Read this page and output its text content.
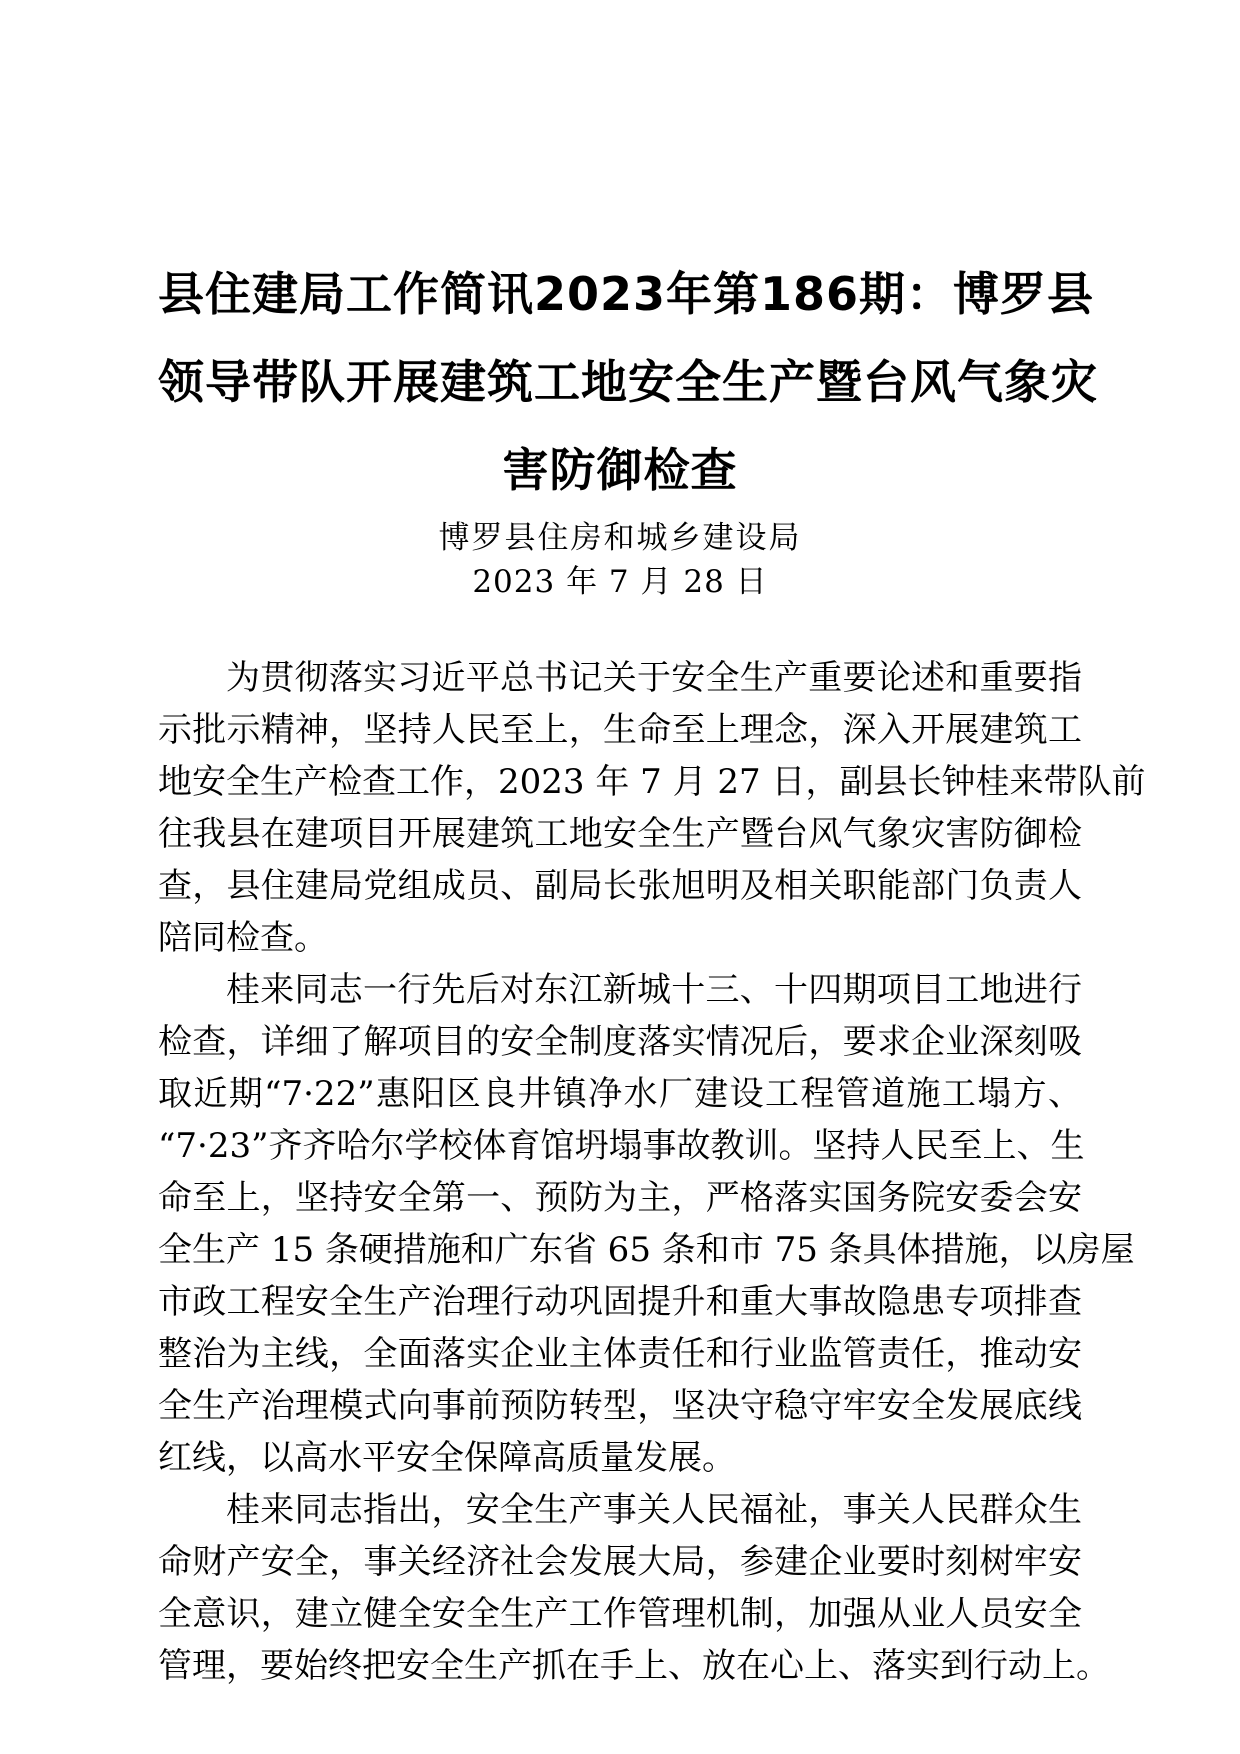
县住建局工作简讯2023年第186期：博罗县
领导带队开展建筑工地安全生产暨台风气象灾
害防御检查
博罗县住房和城乡建设局
2023 年 7 月 28 日
为贯彻落实习近平总书记关于安全生产重要论述和重要指
示批示精神，坚持人民至上，生命至上理念，深入开展建筑工
地安全生产检查工作，2023 年 7 月 27 日，副县长钟桂来带队前
往我县在建项目开展建筑工地安全生产暨台风气象灾害防御检
查，县住建局党组成员、副局长张旭明及相关职能部门负责人
陪同检查。
桂来同志一行先后对东江新城十三、十四期项目工地进行
检查，详细了解项目的安全制度落实情况后，要求企业深刻吸
取近期“7·22”惠阳区良井镇净水厂建设工程管道施工塌方、
“7·23”齐齐哈尔学校体育馆坍塌事故教训。坚持人民至上、生
命至上，坚持安全第一、预防为主，严格落实国务院安委会安
全生产 15 条硬措施和广东省 65 条和市 75 条具体措施，以房屋
市政工程安全生产治理行动巩固提升和重大事故隐患专项排查
整治为主线，全面落实企业主体责任和行业监管责任，推动安
全生产治理模式向事前预防转型，坚决守稳守牢安全发展底线
红线，以高水平安全保障高质量发展。
桂来同志指出，安全生产事关人民福祉，事关人民群众生
命财产安全，事关经济社会发展大局，参建企业要时刻树牢安
全意识，建立健全安全生产工作管理机制，加强从业人员安全
管理，要始终把安全生产抓在手上、放在心上、落实到行动上。
